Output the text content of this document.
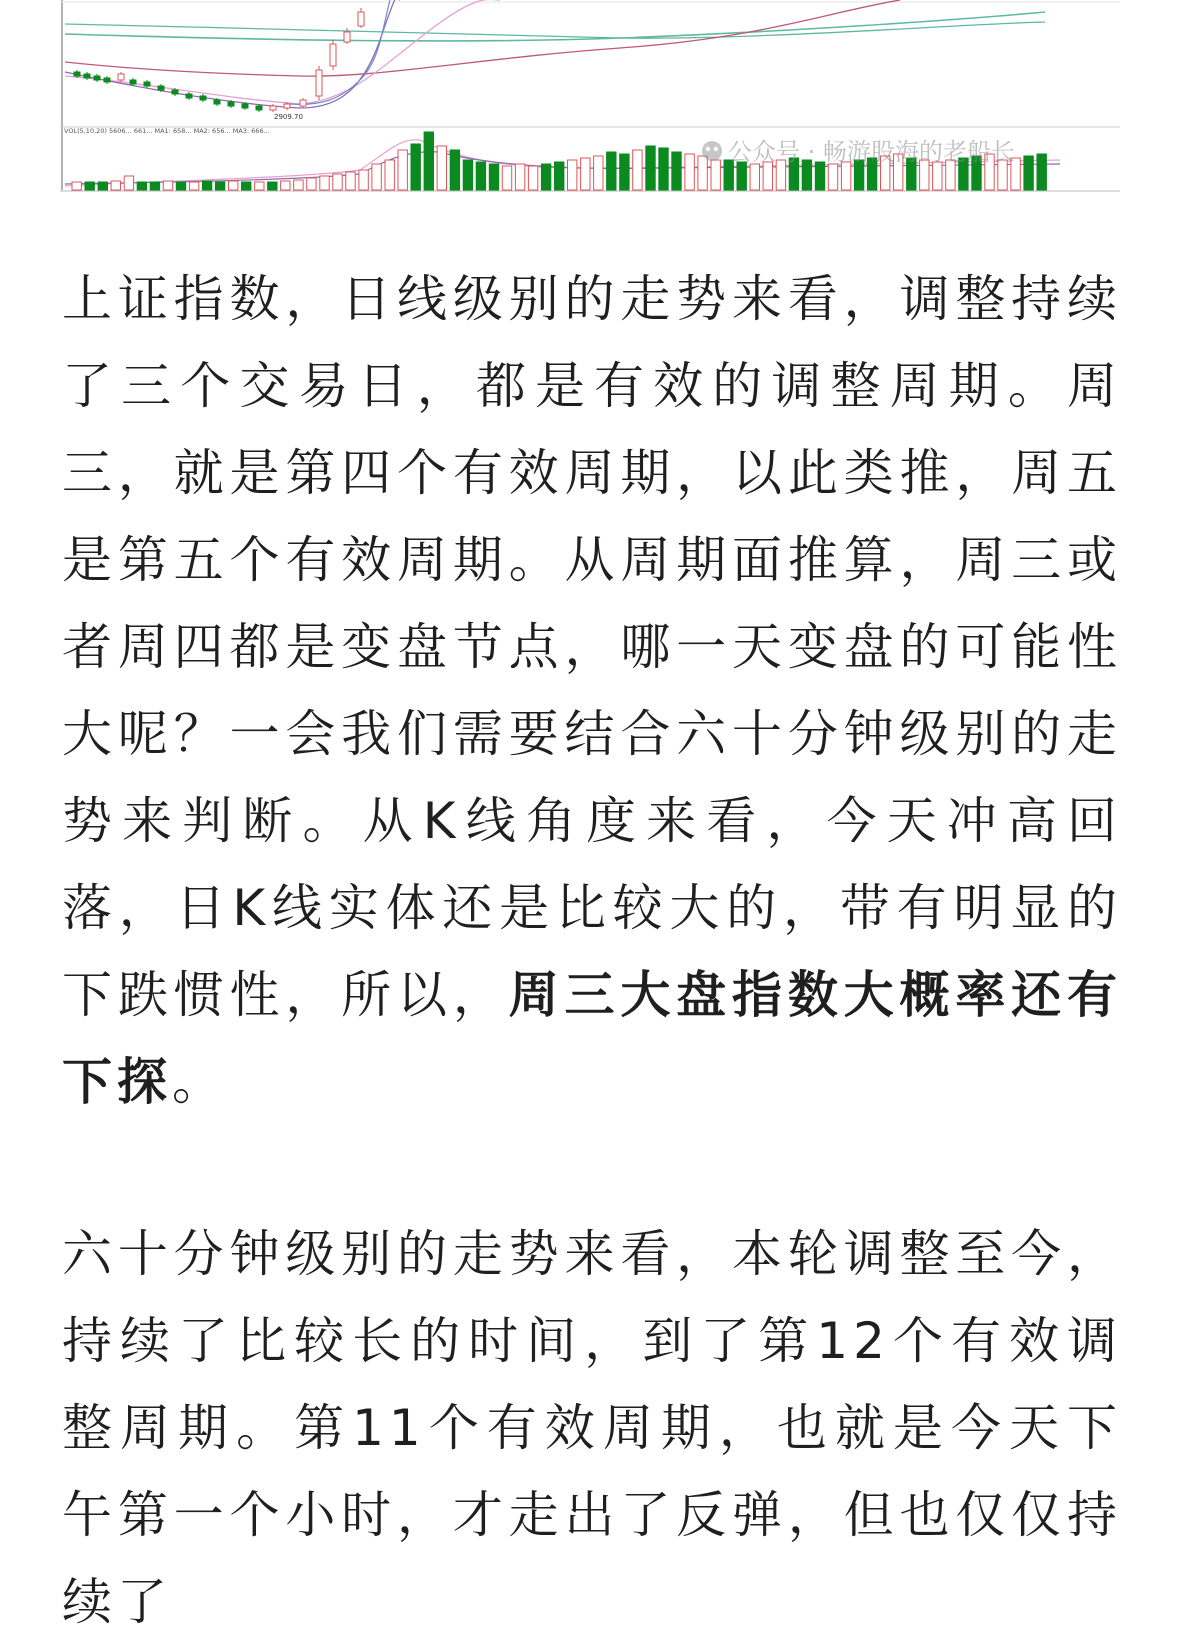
2909.70
VOL(5,10,20) 5606... 661... MA1: 658... MA2: 656... MA3: 666...
公众号 · 畅游股海的老船长

上证指数，日线级别的走势来看，调整持续了三个交易日，都是有效的调整周期。周三，就是第四个有效周期，以此类推，周五是第五个有效周期。从周期面推算，周三或者周四都是变盘节点，哪一天变盘的可能性大呢？一会我们需要结合六十分钟级别的走势来判断。从K线角度来看，今天冲高回落，日K线实体还是比较大的，带有明显的下跌惯性，所以，周三大盘指数大概率还有下探。

六十分钟级别的走势来看，本轮调整至今，持续了比较长的时间，到了第12个有效调整周期。第11个有效周期，也就是今天下午第一个小时，才走出了反弹，但也仅仅持续了
